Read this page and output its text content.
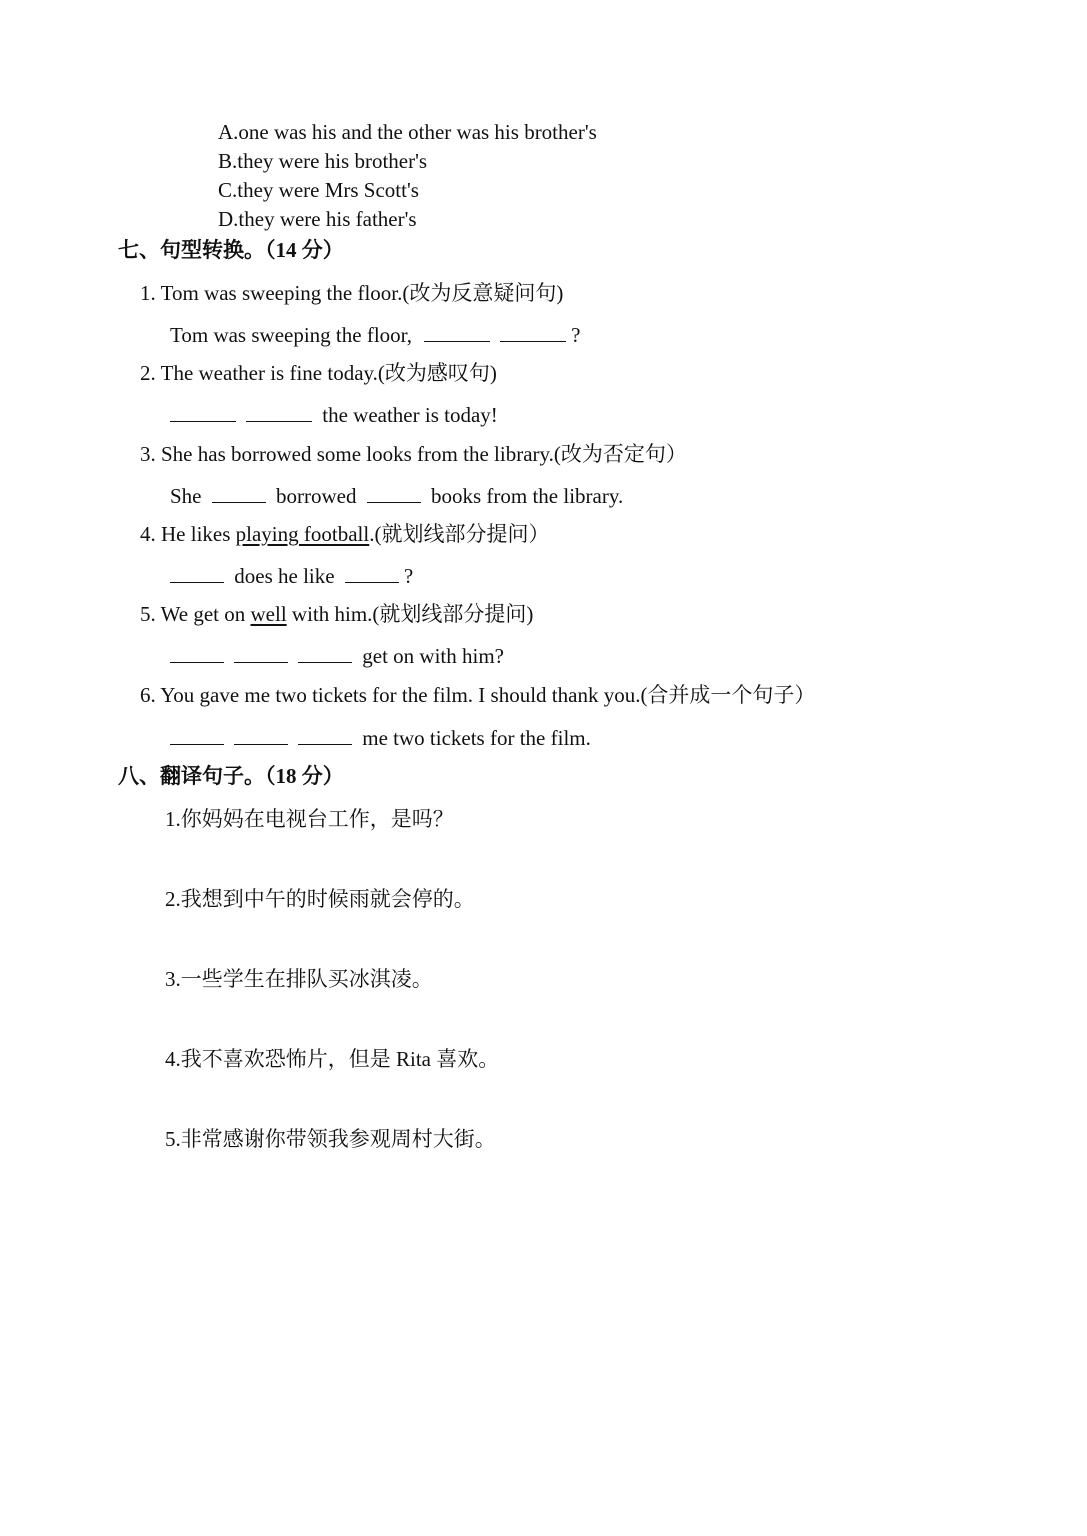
A.one was his and the other was his brother's
B.they were his brother's
C.they were Mrs Scott's
D.they were his father's
七、句型转换。（14 分）
1. Tom was sweeping the floor.(改为反意疑问句)
Tom was sweeping the floor,	?
2. The weather is fine today.(改为感叹句)
the weather is today!
3. She has borrowed some looks from the library.(改为否定句）
She	borrowed	books from the library.
4. He likes playing football.(就划线部分提问）
does he like	?
5. We get on well with him.(就划线部分提问)
get on with him?
6. You gave me two tickets for the film. I should thank you.(合并成一个句子）
me two tickets for the film.
八、翻译句子。（18 分）
1.你妈妈在电视台工作，是吗？
2.我想到中午的时候雨就会停的。
3.一些学生在排队买冰淇凌。
4.我不喜欢恐怖片，但是 Rita 喜欢。
5.非常感谢你带领我参观周村大街。
